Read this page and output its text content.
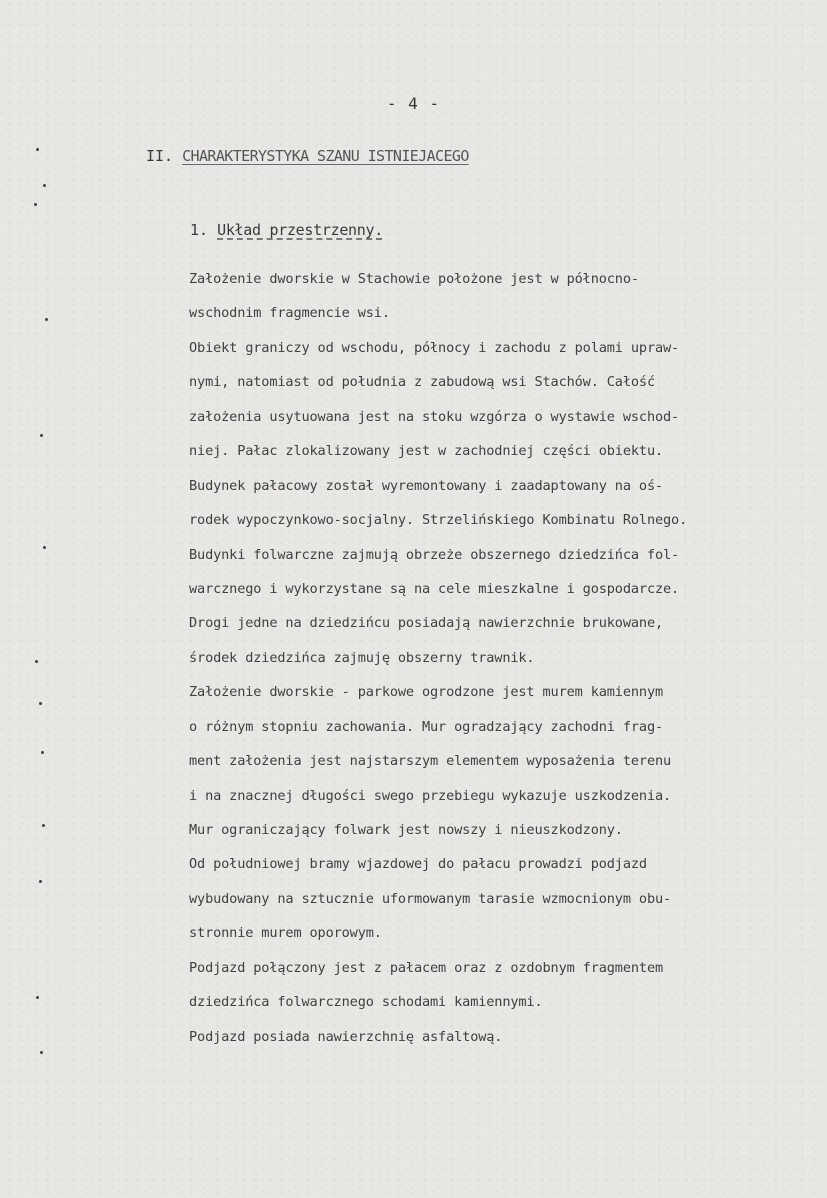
- 4 -
II. CHARAKTERYSTYKA SZANU ISTNIEJACEGO
1. Układ przestrzenny.
Założenie dworskie w Stachowie położone jest w północno-
wschodnim fragmencie wsi.
Obiekt graniczy od wschodu, północy i zachodu z polami upraw-
nymi, natomiast od południa z zabudową wsi Stachów. Całość
założenia usytuowana jest na stoku wzgórza o wystawie wschod-
niej. Pałac zlokalizowany jest w zachodniej części obiektu.
Budynek pałacowy został wyremontowany i zaadaptowany na oś-
rodek wypoczynkowo-socjalny. Strzelińskiego Kombinatu Rolnego.
Budynki folwarczne zajmują obrzeże obszernego dziedzińca fol-
warcznego i wykorzystane są na cele mieszkalne i gospodarcze.
Drogi jedne na dziedzińcu posiadają nawierzchnie brukowane,
środek dziedzińca zajmuję obszerny trawnik.
Założenie dworskie - parkowe ogrodzone jest murem kamiennym
o różnym stopniu zachowania. Mur ogradzający zachodni frag-
ment założenia jest najstarszym elementem wyposażenia terenu
i na znacznej długości swego przebiegu wykazuje uszkodzenia.
Mur ograniczający folwark jest nowszy i nieuszkodzony.
Od południowej bramy wjazdowej do pałacu prowadzi podjazd
wybudowany na sztucznie uformowanym tarasie wzmocnionym obu-
stronnie murem oporowym.
Podjazd połączony jest z pałacem oraz z ozdobnym fragmentem
dziedzińca folwarcznego schodami kamiennymi.
Podjazd posiada nawierzchnię asfaltową.
